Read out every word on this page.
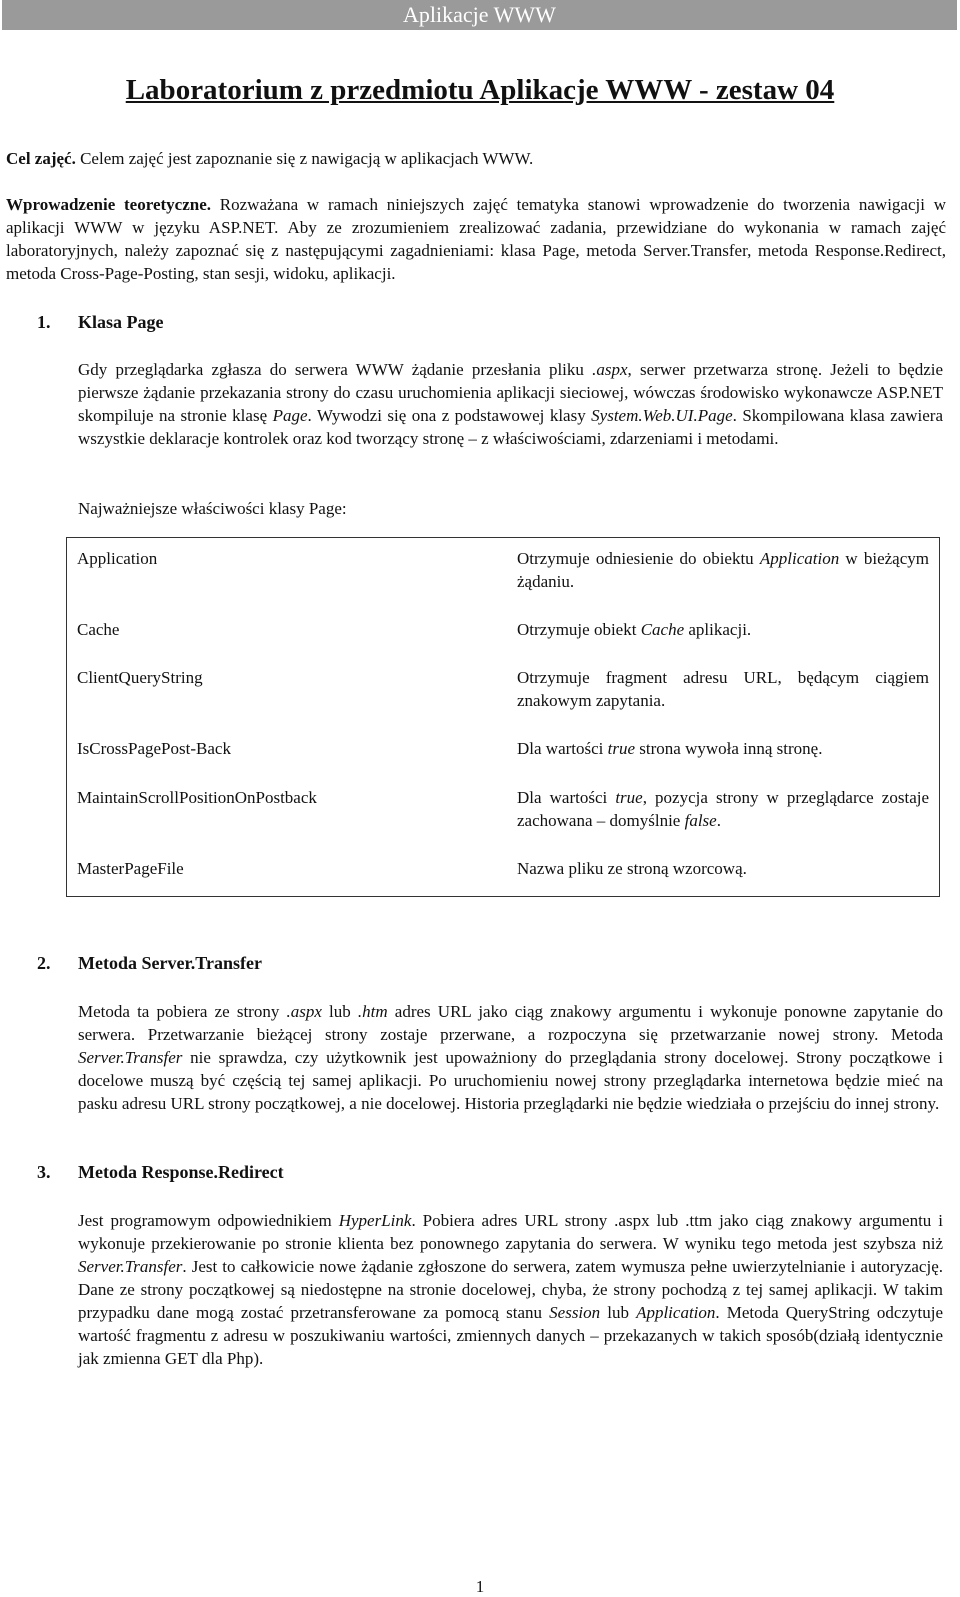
Aplikacje WWW
Laboratorium z przedmiotu Aplikacje WWW - zestaw 04

Cel zajęć. Celem zajęć jest zapoznanie się z nawigacją w aplikacjach WWW.

Wprowadzenie teoretyczne. Rozważana w ramach niniejszych zajęć tematyka stanowi wprowadzenie do tworzenia nawigacji w aplikacji WWW w języku ASP.NET. Aby ze zrozumieniem zrealizować zadania, przewidziane do wykonania w ramach zajęć laboratoryjnych, należy zapoznać się z następującymi zagadnieniami: klasa Page, metoda Server.Transfer, metoda Response.Redirect, metoda Cross-Page-Posting, stan sesji, widoku, aplikacji.

1. Klasa Page

Gdy przeglądarka zgłasza do serwera WWW żądanie przesłania pliku .aspx, serwer przetwarza stronę. Jeżeli to będzie pierwsze żądanie przekazania strony do czasu uruchomienia aplikacji sieciowej, wówczas środowisko wykonawcze ASP.NET skompiluje na stronie klasę Page. Wywodzi się ona z podstawowej klasy System.Web.UI.Page. Skompilowana klasa zawiera wszystkie deklaracje kontrolek oraz kod tworzący stronę – z właściwościami, zdarzeniami i metodami.

Najważniejsze właściwości klasy Page:

Application	Otrzymuje odniesienie do obiektu Application w bieżącym żądaniu.
Cache	Otrzymuje obiekt Cache aplikacji.
ClientQueryString	Otrzymuje fragment adresu URL, będącym ciągiem znakowym zapytania.
IsCrossPagePost-Back	Dla wartości true strona wywoła inną stronę.
MaintainScrollPositionOnPostback	Dla wartości true, pozycja strony w przeglądarce zostaje zachowana – domyślnie false.
MasterPageFile	Nazwa pliku ze stroną wzorcową.
2. Metoda Server.Transfer

Metoda ta pobiera ze strony .aspx lub .htm adres URL jako ciąg znakowy argumentu i wykonuje ponowne zapytanie do serwera. Przetwarzanie bieżącej strony zostaje przerwane, a rozpoczyna się przetwarzanie nowej strony. Metoda Server.Transfer nie sprawdza, czy użytkownik jest upoważniony do przeglądania strony docelowej. Strony początkowe i docelowe muszą być częścią tej samej aplikacji. Po uruchomieniu nowej strony przeglądarka internetowa będzie mieć na pasku adresu URL strony początkowej, a nie docelowej. Historia przeglądarki nie będzie wiedziała o przejściu do innej strony.

3. Metoda Response.Redirect

Jest programowym odpowiednikiem HyperLink. Pobiera adres URL strony .aspx lub .ttm jako ciąg znakowy argumentu i wykonuje przekierowanie po stronie klienta bez ponownego zapytania do serwera. W wyniku tego metoda jest szybsza niż Server.Transfer. Jest to całkowicie nowe żądanie zgłoszone do serwera, zatem wymusza pełne uwierzytelnianie i autoryzację. Dane ze strony początkowej są niedostępne na stronie docelowej, chyba, że strony pochodzą z tej samej aplikacji. W takim przypadku dane mogą zostać przetransferowane za pomocą stanu Session lub Application. Metoda QueryString odczytuje wartość fragmentu z adresu w poszukiwaniu wartości, zmiennych danych – przekazanych w takich sposób(działą identycznie jak zmienna GET dla Php).

1
